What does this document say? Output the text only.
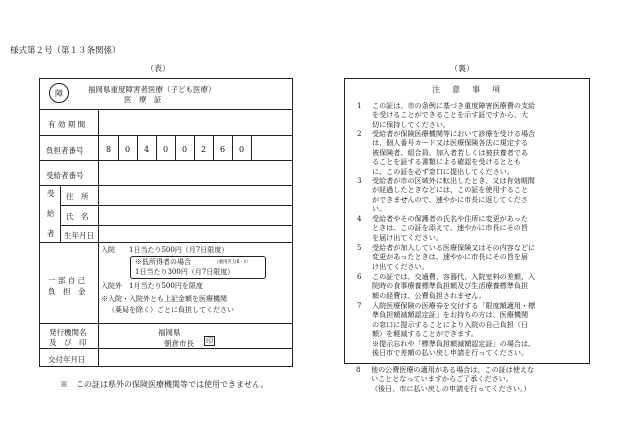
様式第２号（第１３条関係）
（表）	（裏）
障	福岡県重度障害者医療（子ども医療）
医　療　証
有 効 期 間
負担者番号	8	0	4	0	0	2	6	0
受給者番号
受
給
者
住　所
氏　名
生年月日
一 部 自 己
負　担　金
入院　　1日当たり500円（月7日限度）
※低所得者の場合	（適用区分Ⅱ・Ⅰ）
1日当たり300円（月7日限度）
入院外　1月当たり500円を限度
※入院・入院外とも上記金額を医療機関
（薬局を除く）ごとに負担してください
発行機関名
及　び　印
福岡県
朝倉市長 印
交付年月日
注　意　事　項
1	この証は、市の条例に基づき重度障害医療費の支給
を受けることができることを示す証ですから、大
切に保持してください。
2	受給者が保険医療機関等において診療を受ける場合
は、個人番号カード又は医療保険各法に規定する
被保険者、組合員、加入者若しくは被扶養者であ
ることを証する書類による確認を受けるととも
に、この証を必ず窓口に提出してください。
3	受給者が市の区域外に転出したとき、又は有効期間
が経過したときなどには、この証を使用すること
ができませんので、速やかに市長に返してくださ
い。
4	受給者やその保護者の氏名や住所に変更があった
ときは、この証を添えて、速やかに市長にその旨
を届け出てください。
5	受給者が加入している医療保険又はその内容などに
変更があったときは、速やかに市長にその旨を届
け出てください。
6	この証では、交通費、容器代、入院室料の差額、入
院時の食事療養標準負担額及び生活療養標準負担
額の経費は、公費負担されません。
7	入院医療保険の医療券を交付する「限度額適用・標
準負担額減額認定証」をお持ちの方は、医療機関
の窓口に提示することにより入院の自己負担（日
額）を軽減することができます。
※提示忘れや「標準負担額減額認定証」の場合は、
後日市で差額の払い戻し申請を行ってください。
8	他の公費医療の適用がある場合は、この証は使えな
いこととなっていますからご了承ください。
（後日、市に払い戻しの申請を行ってください。）
※　この証は県外の保険医療機関等では使用できません。
